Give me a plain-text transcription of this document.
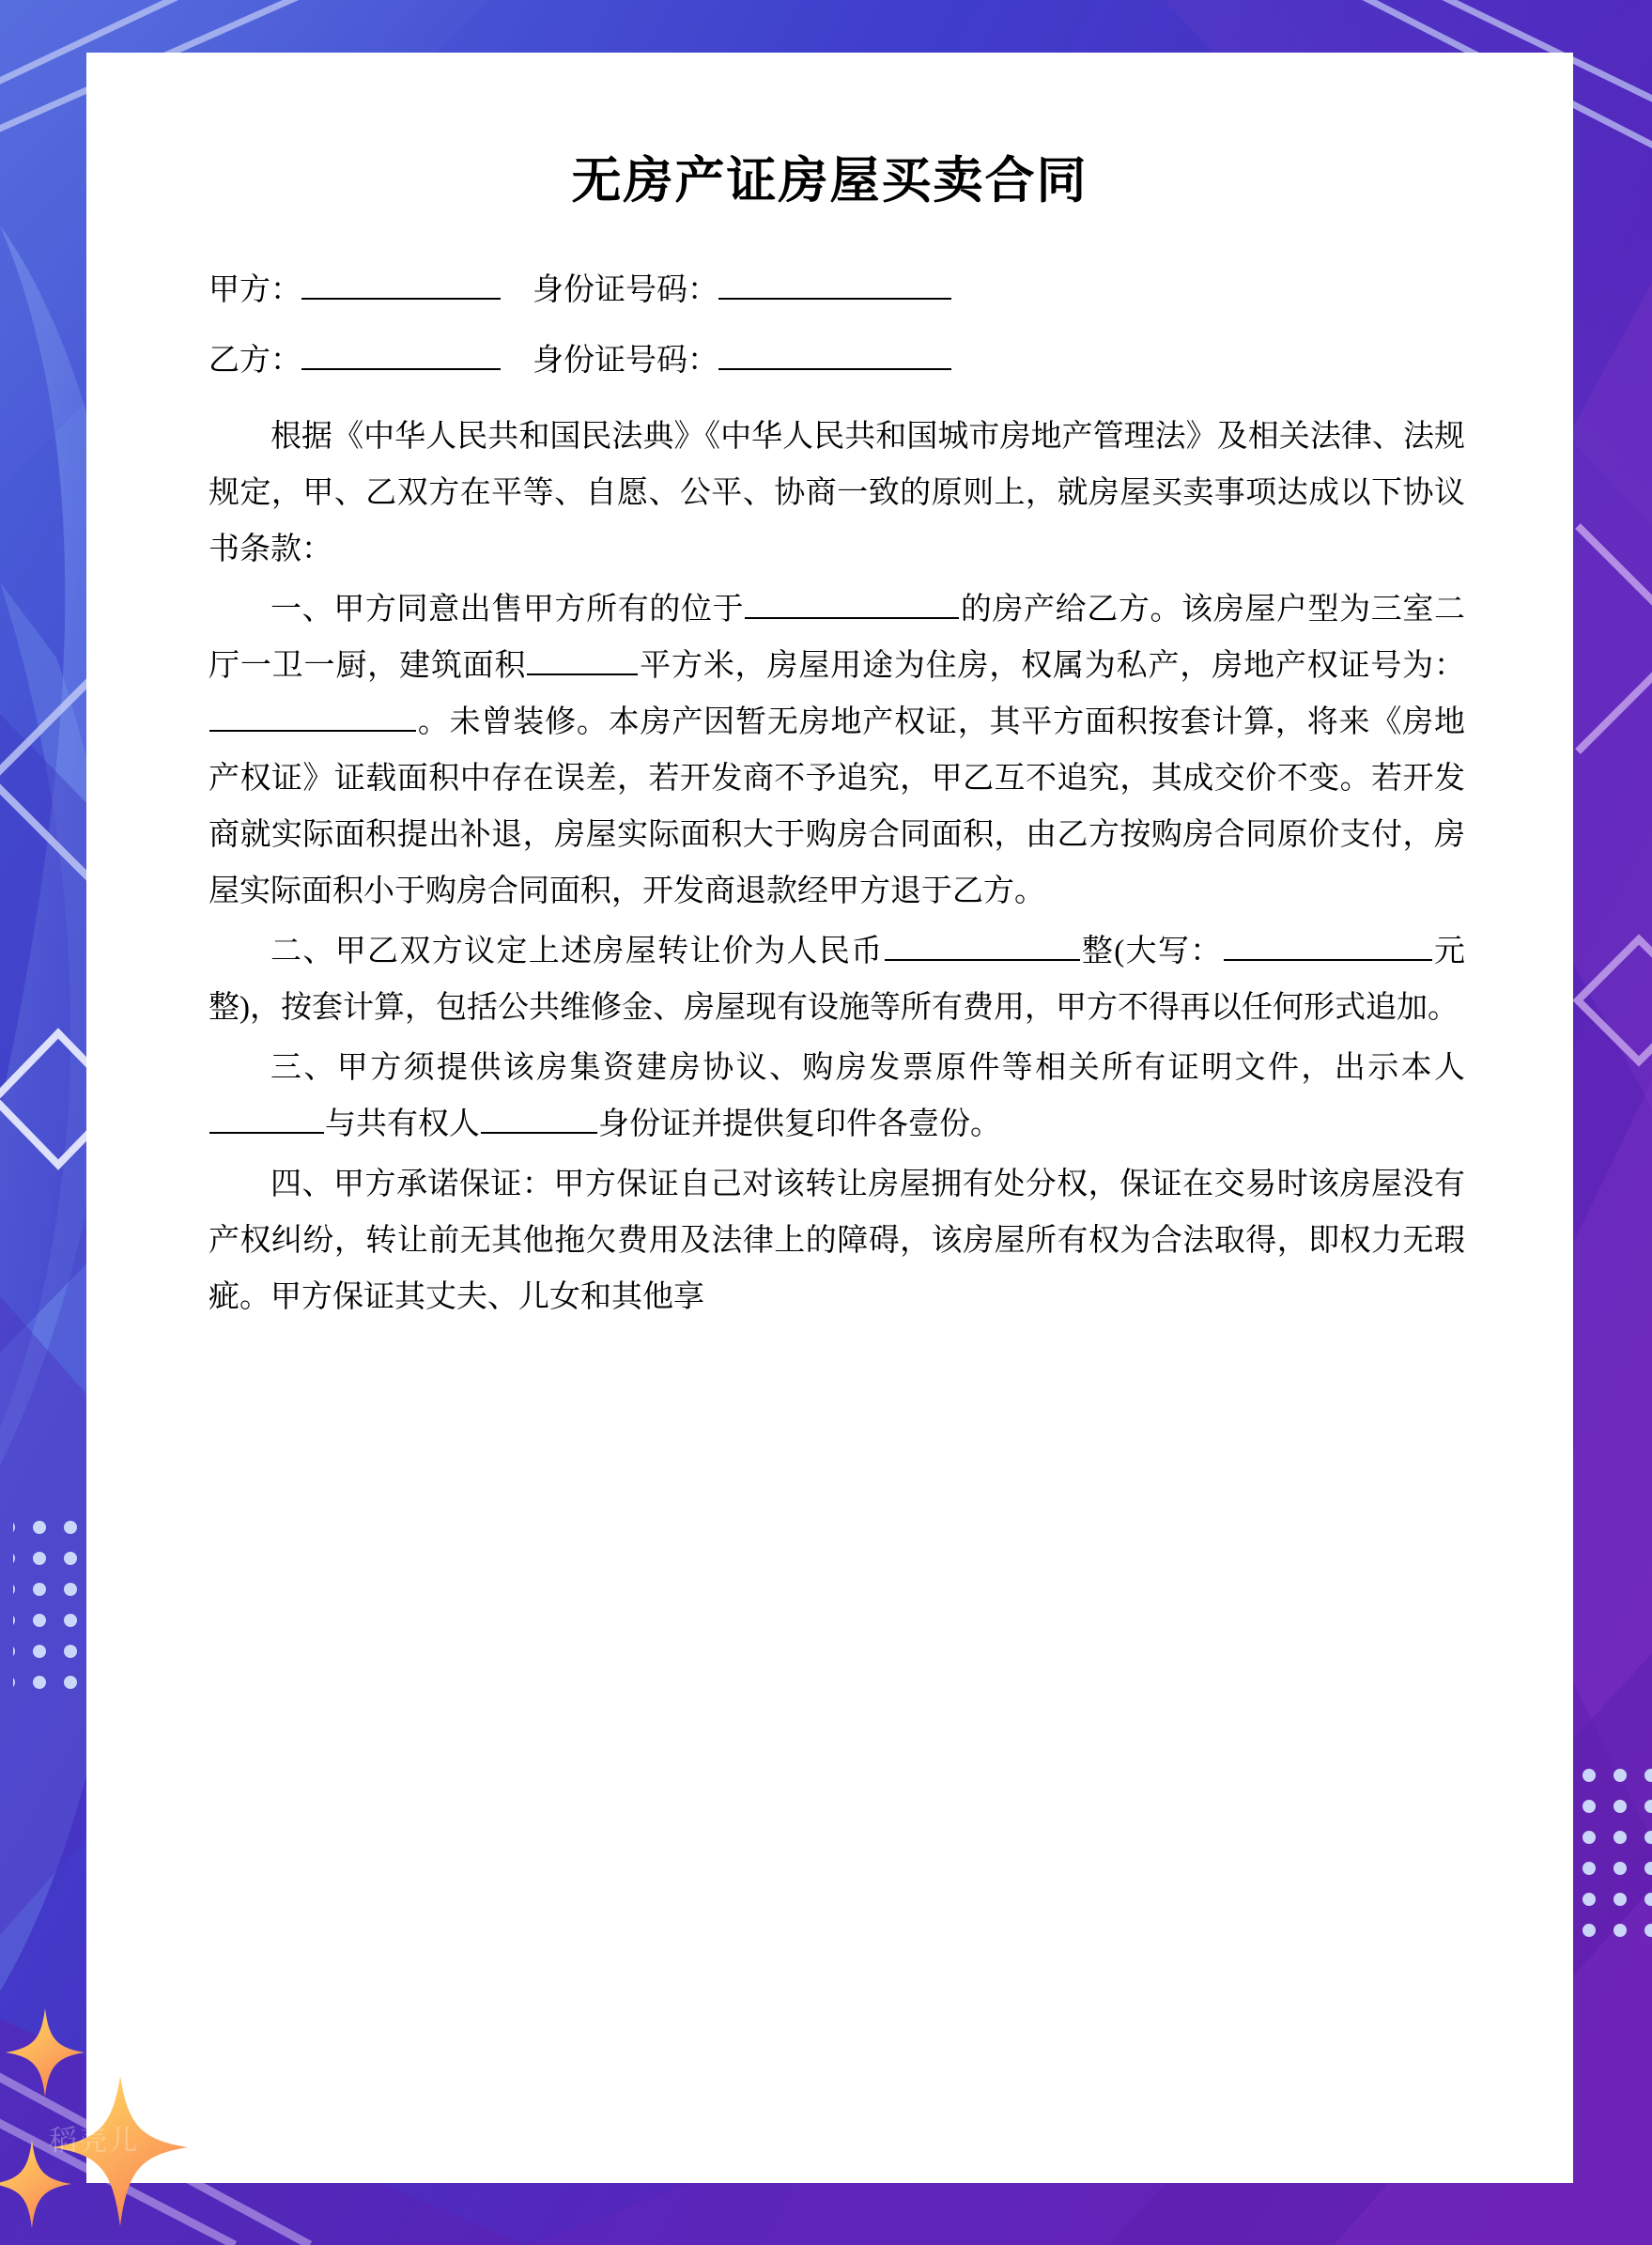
稻壳儿
无房产证房屋买卖合同
甲方：	身份证号码：
乙方：	身份证号码：

根据《中华人民共和国民法典》《中华人民共和国城市房地产管理法》及相关法律、法规规定，甲、乙双方在平等、自愿、公平、协商一致的原则上，就房屋买卖事项达成以下协议书条款：

一、甲方同意出售甲方所有的位于	的房产给乙方。该房屋户型为三室二厅一卫一厨，建筑面积	平方米，房屋用途为住房，权属为私产，房地产权证号为：。未曾装修。本房产因暂无房地产权证，其平方面积按套计算，将来《房地产权证》证载面积中存在误差，若开发商不予追究，甲乙互不追究，其成交价不变。若开发商就实际面积提出补退，房屋实际面积大于购房合同面积，由乙方按购房合同原价支付，房屋实际面积小于购房合同面积，开发商退款经甲方退于乙方。

二、甲乙双方议定上述房屋转让价为人民币	整(大写：	元整)，按套计算，包括公共维修金、房屋现有设施等所有费用，甲方不得再以任何形式追加。

三、甲方须提供该房集资建房协议、购房发票原件等相关所有证明文件，出示本人与共有权人	身份证并提供复印件各壹份。

四、甲方承诺保证：甲方保证自己对该转让房屋拥有处分权，保证在交易时该房屋没有产权纠纷，转让前无其他拖欠费用及法律上的障碍，该房屋所有权为合法取得，即权力无瑕疵。甲方保证其丈夫、儿女和其他享
